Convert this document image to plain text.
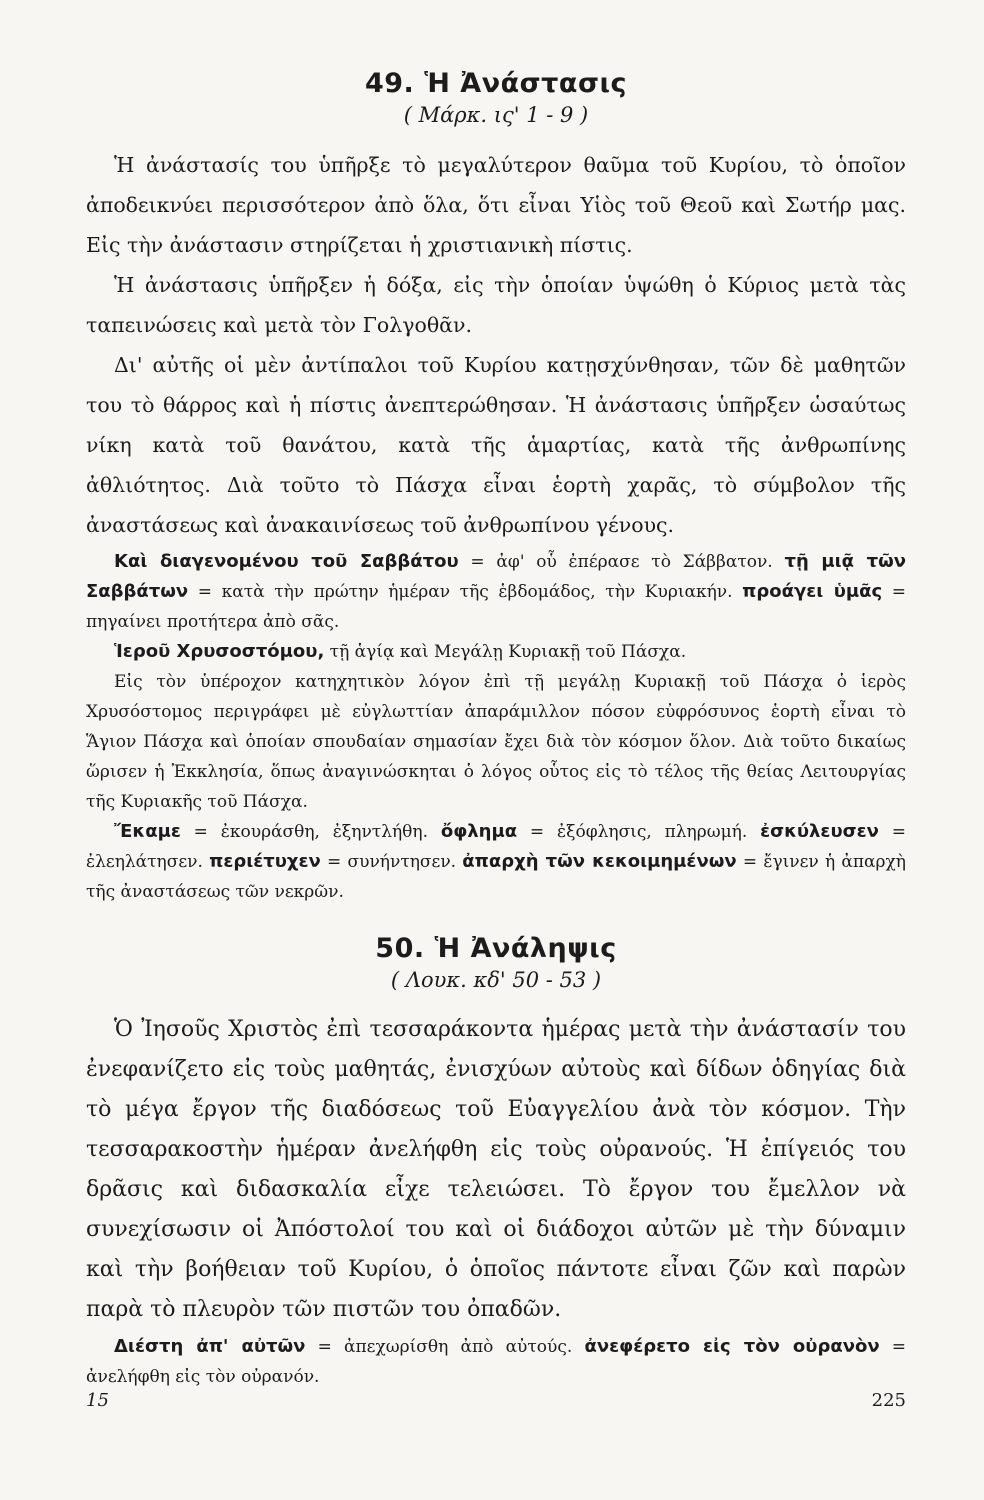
49. Ἡ Ἀνάστασις
( Μάρκ. ις' 1 - 9 )

Ἡ ἀνάστασίς του ὑπῆρξε τὸ μεγαλύτερον θαῦμα τοῦ Κυρίου, τὸ ὁποῖον ἀποδεικνύει περισσότερον ἀπὸ ὅλα, ὅτι εἶναι Υἱὸς τοῦ Θεοῦ καὶ Σωτήρ μας. Εἰς τὴν ἀνάστασιν στηρίζεται ἡ χριστιανικὴ πίστις.

Ἡ ἀνάστασις ὑπῆρξεν ἡ δόξα, εἰς τὴν ὁποίαν ὑψώθη ὁ Κύριος μετὰ τὰς ταπεινώσεις καὶ μετὰ τὸν Γολγοθᾶν.

Δι' αὐτῆς οἱ μὲν ἀντίπαλοι τοῦ Κυρίου κατῃσχύνθησαν, τῶν δὲ μαθητῶν του τὸ θάρρος καὶ ἡ πίστις ἀνεπτερώθησαν. Ἡ ἀνάστασις ὑπῆρξεν ὡσαύτως νίκη κατὰ τοῦ θανάτου, κατὰ τῆς ἁμαρτίας, κατὰ τῆς ἀνθρωπίνης ἀθλιότητος. Διὰ τοῦτο τὸ Πάσχα εἶναι ἑορτὴ χαρᾶς, τὸ σύμβολον τῆς ἀναστάσεως καὶ ἀνακαινίσεως τοῦ ἀνθρωπίνου γένους.

Καὶ διαγενομένου τοῦ Σαββάτου = ἀφ' οὗ ἐπέρασε τὸ Σάββατον. τῇ μιᾷ τῶν Σαββάτων = κατὰ τὴν πρώτην ἡμέραν τῆς ἑβδομάδος, τὴν Κυριακήν. προάγει ὑμᾶς = πηγαίνει προτήτερα ἀπὸ σᾶς.

Ἱεροῦ Χρυσοστόμου, τῇ ἁγίᾳ καὶ Μεγάλῃ Κυριακῇ τοῦ Πάσχα.

Εἰς τὸν ὑπέροχον κατηχητικὸν λόγον ἐπὶ τῇ μεγάλῃ Κυριακῇ τοῦ Πάσχα ὁ ἱερὸς Χρυσόστομος περιγράφει μὲ εὐγλωττίαν ἀπαράμιλλον πόσον εὐφρόσυνος ἑορτὴ εἶναι τὸ Ἅγιον Πάσχα καὶ ὁποίαν σπουδαίαν σημασίαν ἔχει διὰ τὸν κόσμον ὅλον. Διὰ τοῦτο δικαίως ὥρισεν ἡ Ἐκκλησία, ὅπως ἀναγινώσκηται ὁ λόγος οὗτος εἰς τὸ τέλος τῆς θείας Λειτουργίας τῆς Κυριακῆς τοῦ Πάσχα.

Ἔκαμε = ἐκουράσθη, ἐξηντλήθη. ὄφλημα = ἐξόφλησις, πληρωμή. ἐσκύλευσεν = ἐλεηλάτησεν. περιέτυχεν = συνήντησεν. ἀπαρχὴ τῶν κεκοιμημένων = ἔγινεν ἡ ἀπαρχὴ τῆς ἀναστάσεως τῶν νεκρῶν.

50. Ἡ Ἀνάληψις
( Λουκ. κδ' 50 - 53 )

Ὁ Ἰησοῦς Χριστὸς ἐπὶ τεσσαράκοντα ἡμέρας μετὰ τὴν ἀνάστασίν του ἐνεφανίζετο εἰς τοὺς μαθητάς, ἐνισχύων αὐτοὺς καὶ δίδων ὁδηγίας διὰ τὸ μέγα ἔργον τῆς διαδόσεως τοῦ Εὐαγγελίου ἀνὰ τὸν κόσμον. Τὴν τεσσαρακοστὴν ἡμέραν ἀνελήφθη εἰς τοὺς οὐρανούς. Ἡ ἐπίγειός του δρᾶσις καὶ διδασκαλία εἶχε τελειώσει. Τὸ ἔργον του ἔμελλον νὰ συνεχίσωσιν οἱ Ἀπόστολοί του καὶ οἱ διάδοχοι αὐτῶν μὲ τὴν δύναμιν καὶ τὴν βοήθειαν τοῦ Κυρίου, ὁ ὁποῖος πάντοτε εἶναι ζῶν καὶ παρὼν παρὰ τὸ πλευρὸν τῶν πιστῶν του ὀπαδῶν.

Διέστη ἀπ' αὐτῶν = ἀπεχωρίσθη ἀπὸ αὐτούς. ἀνεφέρετο εἰς τὸν οὐρανὸν = ἀνελήφθη εἰς τὸν οὐρανόν.

15	225
